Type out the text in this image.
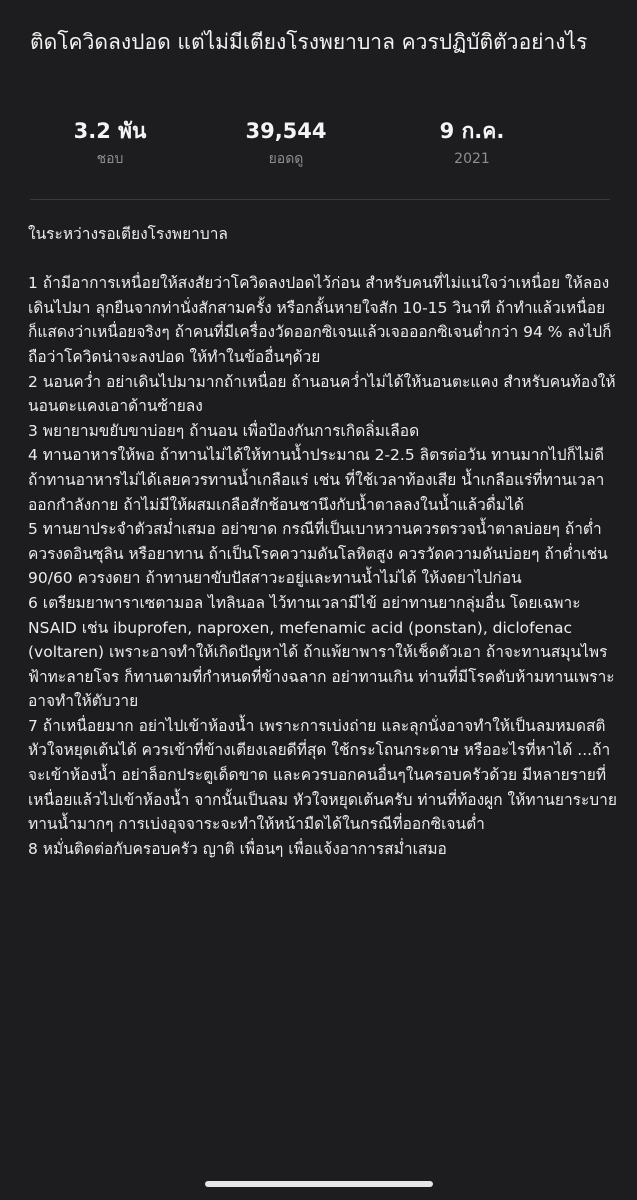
ติดโควิดลงปอด แต่ไม่มีเตียงโรงพยาบาล ควรปฏิบัติตัวอย่างไร
3.2 พัน
ชอบ
39,544
ยอดดู
9 ก.ค.
2021

ในระหว่างรอเตียงโรงพยาบาล

1 ถ้ามีอาการเหนื่อยให้สงสัยว่าโควิดลงปอดไว้ก่อน สำหรับคนที่ไม่แน่ใจว่าเหนื่อย ให้ลองเดินไปมา ลุกยืนจากท่านั่งสักสามครั้ง หรือกลั้นหายใจสัก 10-15 วินาที ถ้าทำแล้วเหนื่อย ก็แสดงว่าเหนื่อยจริงๆ ถ้าคนที่มีเครื่องวัดออกซิเจนแล้วเจอออกซิเจนต่ำกว่า 94 % ลงไปก็ถือว่าโควิดน่าจะลงปอด ให้ทำในข้ออื่นๆด้วย

2 นอนคว่ำ อย่าเดินไปมามากถ้าเหนื่อย ถ้านอนคว่ำไม่ได้ให้นอนตะแคง สำหรับคนท้องให้นอนตะแคงเอาด้านซ้ายลง

3 พยายามขยับขาบ่อยๆ ถ้านอน เพื่อป้องกันการเกิดลิ่มเลือด

4 ทานอาหารให้พอ ถ้าทานไม่ได้ให้ทานน้ำประมาณ 2-2.5 ลิตรต่อวัน ทานมากไปก็ไม่ดี ถ้าทานอาหารไม่ได้เลยควรทานน้ำเกลือแร่ เช่น ที่ใช้เวลาท้องเสีย น้ำเกลือแร่ที่ทานเวลาออกกำลังกาย ถ้าไม่มีให้ผสมเกลือสักช้อนชานึงกับน้ำตาลลงในน้ำแล้วดื่มได้

5 ทานยาประจำตัวสม่ำเสมอ อย่าขาด กรณีที่เป็นเบาหวานควรตรวจน้ำตาลบ่อยๆ ถ้าต่ำควรงดอินซุลิน หรือยาทาน ถ้าเป็นโรคความดันโลหิตสูง ควรวัดความดันบ่อยๆ ถ้าต่ำเช่น 90/60 ควรงดยา ถ้าทานยาขับปัสสาวะอยู่และทานน้ำไม่ได้ ให้งดยาไปก่อน

6 เตรียมยาพาราเซตามอล ไทลินอล ไว้ทานเวลามีไข้ อย่าทานยากลุ่มอื่น โดยเฉพาะ NSAID เช่น ibuprofen, naproxen, mefenamic acid (ponstan), diclofenac (voltaren) เพราะอาจทำให้เกิดปัญหาได้ ถ้าแพ้ยาพาราให้เช็ดตัวเอา ถ้าจะทานสมุนไพรฟ้าทะลายโจร ก็ทานตามที่กำหนดที่ข้างฉลาก อย่าทานเกิน ท่านที่มีโรคตับห้ามทานเพราะอาจทำให้ตับวาย

7 ถ้าเหนื่อยมาก อย่าไปเข้าห้องน้ำ เพราะการเบ่งถ่าย และลุกนั่งอาจทำให้เป็นลมหมดสติ หัวใจหยุดเต้นได้ ควรเข้าที่ข้างเตียงเลยดีที่สุด ใช้กระโถนกระดาษ หรืออะไรที่หาได้ ...ถ้าจะเข้าห้องน้ำ อย่าล็อกประตูเด็ดขาด และควรบอกคนอื่นๆในครอบครัวด้วย มีหลายรายที่เหนื่อยแล้วไปเข้าห้องน้ำ จากนั้นเป็นลม หัวใจหยุดเต้นครับ ท่านที่ท้องผูก ให้ทานยาระบาย ทานน้ำมากๆ การเบ่งอุจจาระจะทำให้หน้ามืดได้ในกรณีที่ออกซิเจนต่ำ

8 หมั่นติดต่อกับครอบครัว ญาติ เพื่อนๆ เพื่อแจ้งอาการสม่ำเสมอ
